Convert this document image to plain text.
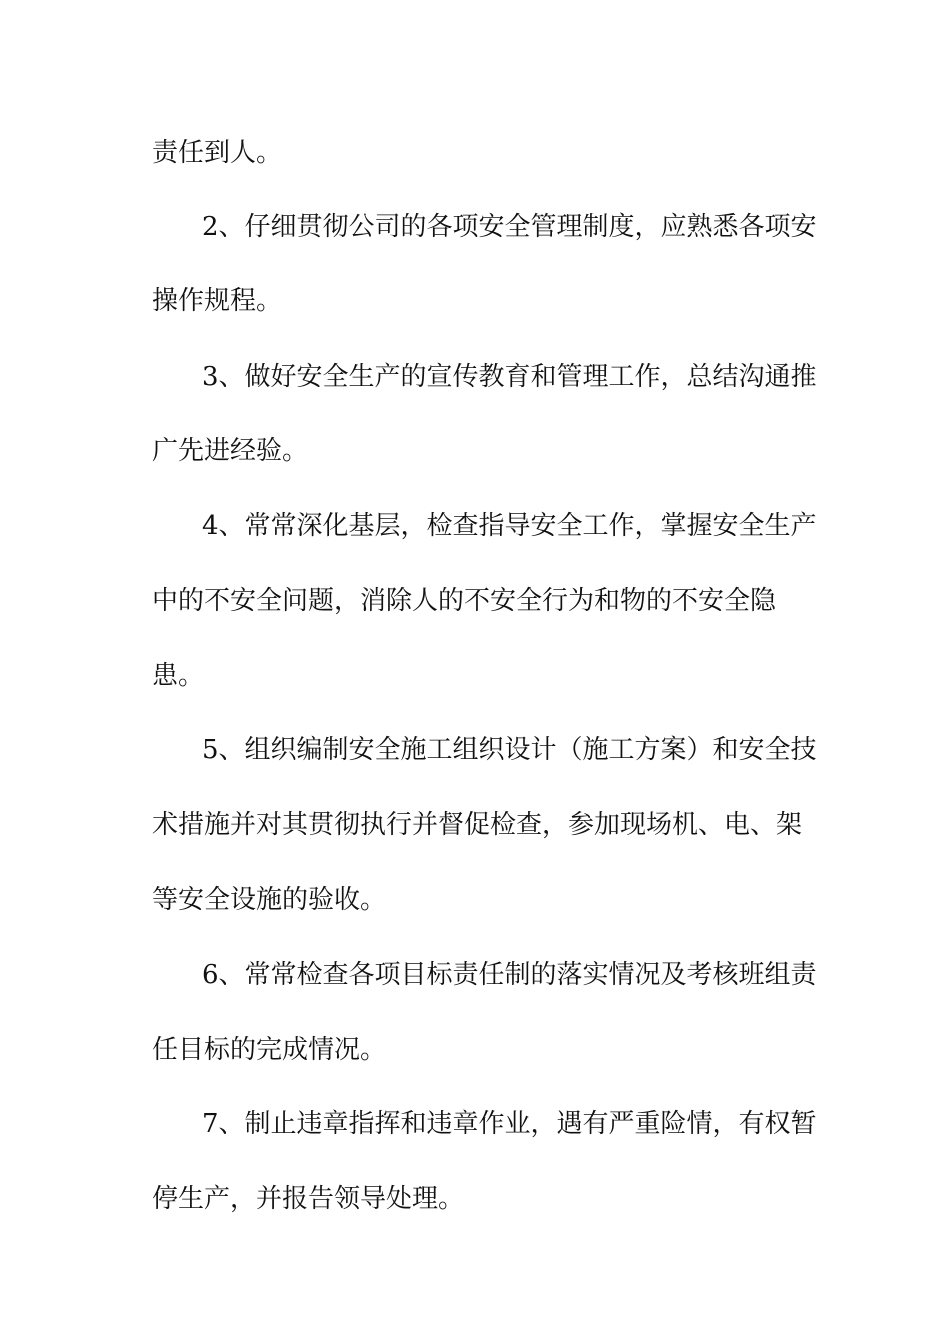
责任到人。
2、仔细贯彻公司的各项安全管理制度，应熟悉各项安
操作规程。
3、做好安全生产的宣传教育和管理工作，总结沟通推
广先进经验。
4、常常深化基层，检查指导安全工作，掌握安全生产
中的不安全问题，消除人的不安全行为和物的不安全隐
患。
5、组织编制安全施工组织设计（施工方案）和安全技
术措施并对其贯彻执行并督促检查，参加现场机、电、架
等安全设施的验收。
6、常常检查各项目标责任制的落实情况及考核班组责
任目标的完成情况。
7、制止违章指挥和违章作业，遇有严重险情，有权暂
停生产，并报告领导处理。
